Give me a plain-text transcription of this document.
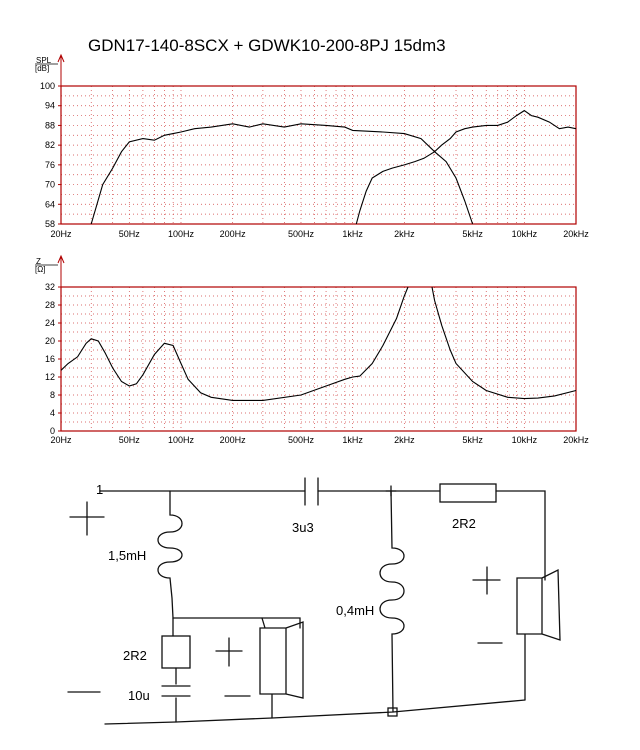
GDN17-140-8SCX + GDWK10-200-8PJ 15dm3
SPL
[dB]
58
64
70
76
82
88
94
100
20Hz	50Hz	100Hz	200Hz	500Hz	1kHz	2kHz	5kHz	10kHz	20kHz
Z
[Ω]
0
4
8
12
16
20
24
28
32
20Hz	50Hz	100Hz	200Hz	500Hz	1kHz	2kHz	5kHz	10kHz	20kHz
1
3u3	2R2
1,5mH
2R2
10u
0,4mH
